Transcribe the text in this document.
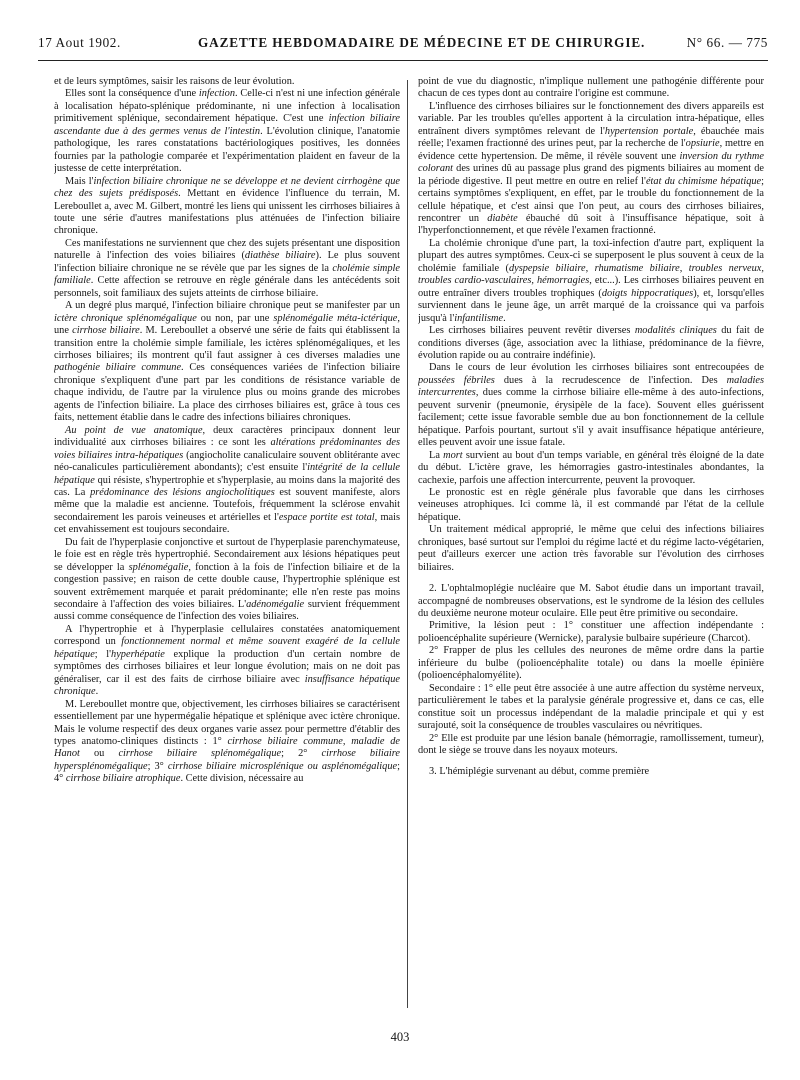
17 Aout 1902.	GAZETTE HEBDOMADAIRE DE MÉDECINE ET DE CHIRURGIE.	N° 66. — 775

et de leurs symptômes, saisir les raisons de leur évolution.

Elles sont la conséquence d'une infection. Celle-ci n'est ni une infection générale à localisation hépato-splénique prédominante, ni une infection à localisation primitivement splénique, secondairement hépatique. C'est une infection biliaire ascendante due à des germes venus de l'intestin. L'évolution clinique, l'anatomie pathologique, les rares constatations bactériologiques positives, les données fournies par la pathologie comparée et l'expérimentation plaident en faveur de la justesse de cette interprétation.

Mais l'infection biliaire chronique ne se développe et ne devient cirrhogène que chez des sujets prédisposés. Mettant en évidence l'influence du terrain, M. Lereboullet a, avec M. Gilbert, montré les liens qui unissent les cirrhoses biliaires à toute une série d'autres manifestations plus atténuées de l'infection biliaire chronique.

Ces manifestations ne surviennent que chez des sujets présentant une disposition naturelle à l'infection des voies biliaires (diathèse biliaire). Le plus souvent l'infection biliaire chronique ne se révèle que par les signes de la cholémie simple familiale. Cette affection se retrouve en règle générale dans les antécédents soit personnels, soit familiaux des sujets atteints de cirrhose biliaire.

A un degré plus marqué, l'infection biliaire chronique peut se manifester par un ictère chronique splénomégalique ou non, par une splénomégalie méta-ictérique, une cirrhose biliaire. M. Lereboullet a observé une série de faits qui établissent la transition entre la cholémie simple familiale, les ictères splénomégaliques, et les cirrhoses biliaires; ils montrent qu'il faut assigner à ces diverses maladies une pathogénie biliaire commune. Ces conséquences variées de l'infection biliaire chronique s'expliquent d'une part par les conditions de résistance variable de chaque individu, de l'autre par la virulence plus ou moins grande des microbes agents de l'infection biliaire. La place des cirrhoses biliaires est, grâce à tous ces faits, nettement établie dans le cadre des infections biliaires chroniques.

Au point de vue anatomique, deux caractères principaux donnent leur individualité aux cirrhoses biliaires : ce sont les altérations prédominantes des voies biliaires intra-hépatiques (angiocholite canaliculaire souvent oblitérante avec néo-canalicules particulièrement abondants); c'est ensuite l'intégrité de la cellule hépatique qui résiste, s'hypertrophie et s'hyperplasie, au moins dans la majorité des cas. La prédominance des lésions angiocholitiques est souvent manifeste, alors même que la maladie est ancienne. Toutefois, fréquemment la sclérose envahit secondairement les parois veineuses et artérielles et l'espace portite est total, mais cet envahissement est toujours secondaire.

Du fait de l'hyperplasie conjonctive et surtout de l'hyperplasie parenchymateuse, le foie est en règle très hypertrophié. Secondairement aux lésions hépatiques peut se développer la splénomégalie, fonction à la fois de l'infection biliaire et de la congestion passive; en raison de cette double cause, l'hypertrophie splénique est souvent extrêmement marquée et parait prédominante; elle n'en reste pas moins secondaire à l'affection des voies biliaires. L'adénomégalie survient fréquemment aussi comme conséquence de l'infection des voies biliaires.

A l'hypertrophie et à l'hyperplasie cellulaires constatées anatomiquement correspond un fonctionnement normal et même souvent exagéré de la cellule hépatique; l'hyperhépatie explique la production d'un certain nombre de symptômes des cirrhoses biliaires et leur longue évolution; mais on ne doit pas généraliser, car il est des faits de cirrhose biliaire avec insuffisance hépatique chronique.

M. Lereboullet montre que, objectivement, les cirrhoses biliaires se caractérisent essentiellement par une hypermégalie hépatique et splénique avec ictère chronique. Mais le volume respectif des deux organes varie assez pour permettre d'établir des types anatomo-cliniques distincts : 1° cirrhose biliaire commune, maladie de Hanot ou cirrhose biliaire splénomégalique; 2° cirrhose biliaire hypersplénomégalique; 3° cirrhose biliaire microsplénique ou asplénomégalique; 4° cirrhose biliaire atrophique. Cette division, nécessaire au

point de vue du diagnostic, n'implique nullement une pathogénie différente pour chacun de ces types dont au contraire l'origine est commune.

L'influence des cirrhoses biliaires sur le fonctionnement des divers appareils est variable. Par les troubles qu'elles apportent à la circulation intra-hépatique, elles entraînent divers symptômes relevant de l'hypertension portale, ébauchée mais réelle; l'examen fractionné des urines peut, par la recherche de l'opsiurie, mettre en évidence cette hypertension. De même, il révèle souvent une inversion du rythme colorant des urines dû au passage plus grand des pigments biliaires au moment de la période digestive. Il peut mettre en outre en relief l'état du chimisme hépatique; certains symptômes s'expliquent, en effet, par le trouble du fonctionnement de la cellule hépatique, et c'est ainsi que l'on peut, au cours des cirrhoses biliaires, rencontrer un diabète ébauché dû soit à l'insuffisance hépatique, soit à l'hyperfonctionnement, et que révèle l'examen fractionné.

La cholémie chronique d'une part, la toxi-infection d'autre part, expliquent la plupart des autres symptômes. Ceux-ci se superposent le plus souvent à ceux de la cholémie familiale (dyspepsie biliaire, rhumatisme biliaire, troubles nerveux, troubles cardio-vasculaires, hémorragies, etc...). Les cirrhoses biliaires peuvent en outre entraîner divers troubles trophiques (doigts hippocratiques), et, lorsqu'elles surviennent dans le jeune âge, un arrêt marqué de la croissance qui va parfois jusqu'à l'infantilisme.

Les cirrhoses biliaires peuvent revêtir diverses modalités cliniques du fait de conditions diverses (âge, association avec la lithiase, prédominance de la fièvre, évolution rapide ou au contraire indéfinie).

Dans le cours de leur évolution les cirrhoses biliaires sont entrecoupées de poussées fébriles dues à la recrudescence de l'infection. Des maladies intercurrentes, dues comme la cirrhose biliaire elle-même à des auto-infections, peuvent survenir (pneumonie, érysipèle de la face). Souvent elles guérissent facilement; cette issue favorable semble due au bon fonctionnement de la cellule hépatique. Parfois pourtant, surtout s'il y avait insuffisance hépatique antérieure, elles peuvent avoir une issue fatale.

La mort survient au bout d'un temps variable, en général très éloigné de la date du début. L'ictère grave, les hémorragies gastro-intestinales abondantes, la cachexie, parfois une affection intercurrente, peuvent la provoquer.

Le pronostic est en règle générale plus favorable que dans les cirrhoses veineuses atrophiques. Ici comme là, il est commandé par l'état de la cellule hépatique.

Un traitement médical approprié, le même que celui des infections biliaires chroniques, basé surtout sur l'emploi du régime lacté et du régime lacto-végétarien, peut d'ailleurs exercer une action très favorable sur l'évolution des cirrhoses biliaires.

2. L'ophtalmoplégie nucléaire que M. Sabot étudie dans un important travail, accompagné de nombreuses observations, est le syndrome de la lésion des cellules du deuxième neurone moteur oculaire. Elle peut être primitive ou secondaire.

Primitive, la lésion peut : 1° constituer une affection indépendante : polioencéphalite supérieure (Wernicke), paralysie bulbaire supérieure (Charcot).

2° Frapper de plus les cellules des neurones de même ordre dans la partie inférieure du bulbe (polioencéphalite totale) ou dans la moelle épinière (polioencéphalomyélite).

Secondaire : 1° elle peut être associée à une autre affection du système nerveux, particulièrement le tabes et la paralysie générale progressive et, dans ce cas, elle constitue soit un processus indépendant de la maladie principale et qui y est surajouté, soit la conséquence de troubles vasculaires ou névritiques.

2° Elle est produite par une lésion banale (hémorragie, ramollissement, tumeur), dont le siège se trouve dans les noyaux moteurs.

3. L'hémiplégie survenant au début, comme première

403
